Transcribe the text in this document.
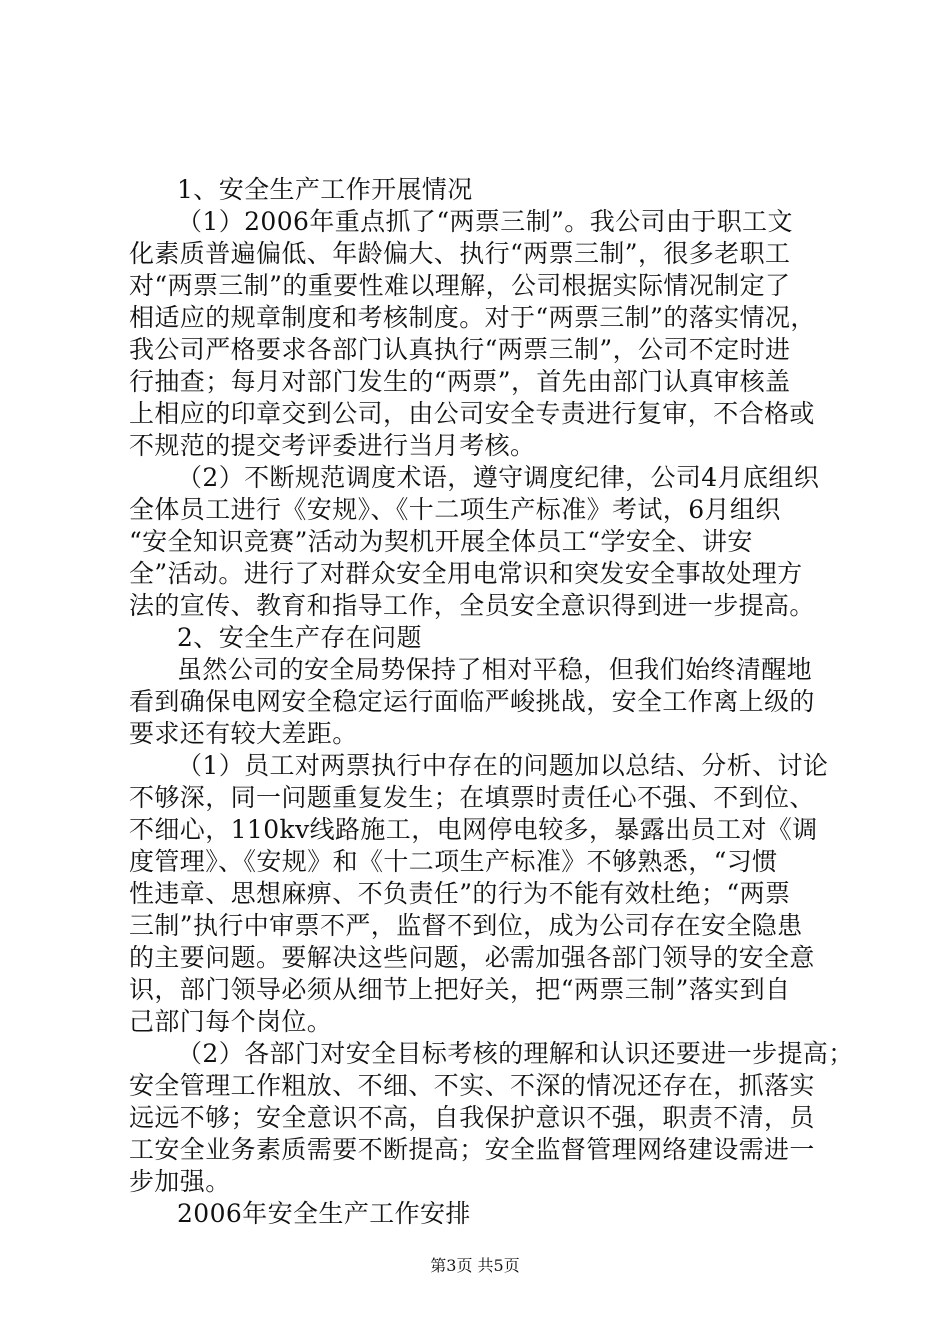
1、安全生产工作开展情况
（1）2006年重点抓了“两票三制”。我公司由于职工文
化素质普遍偏低、年龄偏大、执行“两票三制”，很多老职工
对“两票三制”的重要性难以理解，公司根据实际情况制定了
相适应的规章制度和考核制度。对于“两票三制”的落实情况，
我公司严格要求各部门认真执行“两票三制”，公司不定时进
行抽查；每月对部门发生的“两票”，首先由部门认真审核盖
上相应的印章交到公司，由公司安全专责进行复审，不合格或
不规范的提交考评委进行当月考核。
（2）不断规范调度术语，遵守调度纪律，公司4月底组织
全体员工进行《安规》、《十二项生产标准》考试，6月组织
“安全知识竞赛”活动为契机开展全体员工“学安全、讲安
全”活动。进行了对群众安全用电常识和突发安全事故处理方
法的宣传、教育和指导工作，全员安全意识得到进一步提高。
2、安全生产存在问题
虽然公司的安全局势保持了相对平稳，但我们始终清醒地
看到确保电网安全稳定运行面临严峻挑战，安全工作离上级的
要求还有较大差距。
（1）员工对两票执行中存在的问题加以总结、分析、讨论
不够深，同一问题重复发生；在填票时责任心不强、不到位、
不细心，110kv线路施工，电网停电较多，暴露出员工对《调
度管理》、《安规》和《十二项生产标准》不够熟悉，“习惯
性违章、思想麻痹、不负责任”的行为不能有效杜绝；“两票
三制”执行中审票不严，监督不到位，成为公司存在安全隐患
的主要问题。要解决这些问题，必需加强各部门领导的安全意
识，部门领导必须从细节上把好关，把“两票三制”落实到自
己部门每个岗位。
（2）各部门对安全目标考核的理解和认识还要进一步提高；
安全管理工作粗放、不细、不实、不深的情况还存在，抓落实
远远不够；安全意识不高，自我保护意识不强，职责不清，员
工安全业务素质需要不断提高；安全监督管理网络建设需进一
步加强。
2006年安全生产工作安排
第3页 共5页
